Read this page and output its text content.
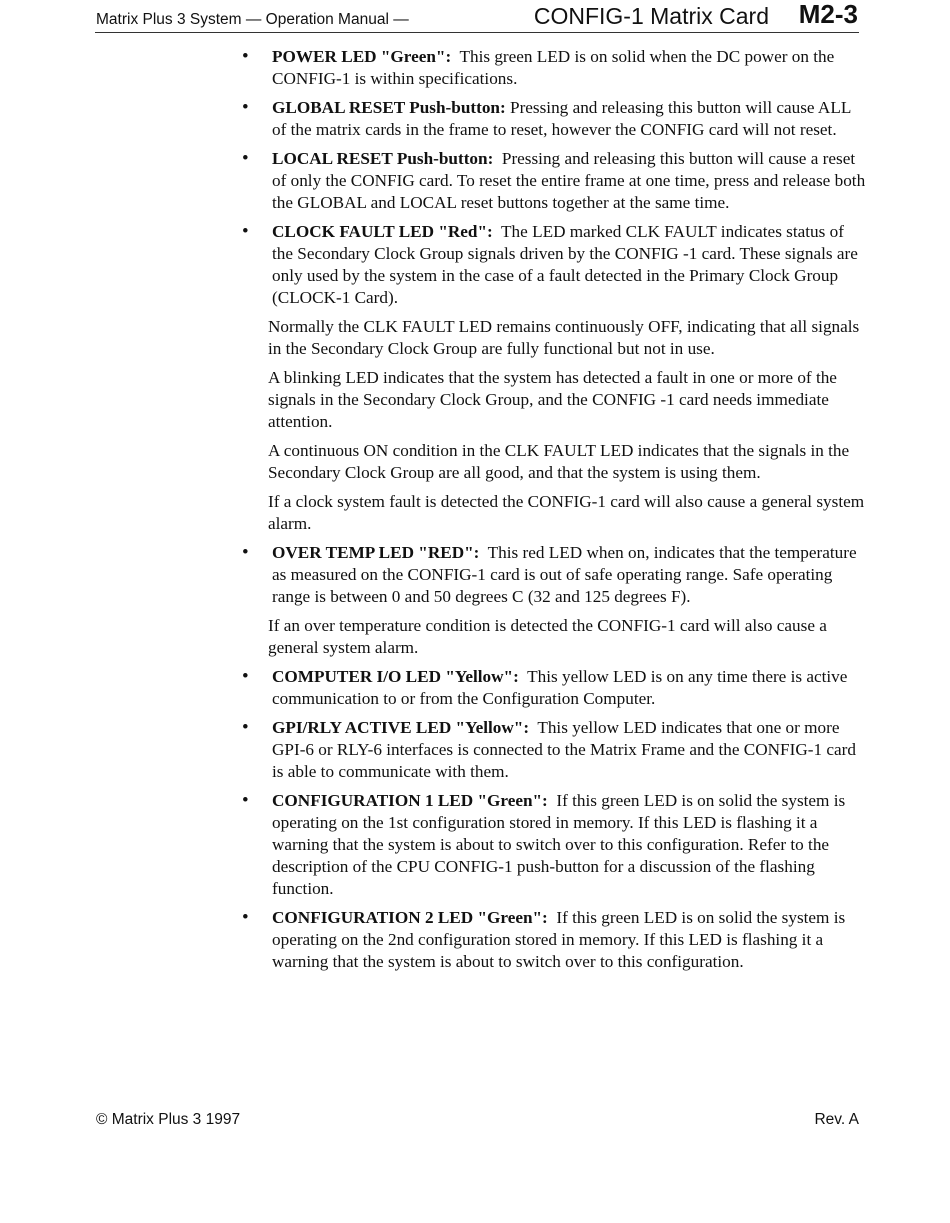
Matrix Plus 3 System — Operation Manual —	CONFIG-1 Matrix Card M2-3
• POWER LED "Green": This green LED is on solid when the DC power on the CONFIG-1 is within specifications.
• GLOBAL RESET Push-button: Pressing and releasing this button will cause ALL of the matrix cards in the frame to reset, however the CONFIG card will not reset.
• LOCAL RESET Push-button: Pressing and releasing this button will cause a reset of only the CONFIG card. To reset the entire frame at one time, press and release both the GLOBAL and LOCAL reset buttons together at the same time.
• CLOCK FAULT LED "Red": The LED marked CLK FAULT indicates status of the Secondary Clock Group signals driven by the CONFIG -1 card. These signals are only used by the system in the case of a fault detected in the Primary Clock Group (CLOCK-1 Card).

Normally the CLK FAULT LED remains continuously OFF, indicating that all signals in the Secondary Clock Group are fully functional but not in use.

A blinking LED indicates that the system has detected a fault in one or more of the signals in the Secondary Clock Group, and the CONFIG -1 card needs immediate attention.

A continuous ON condition in the CLK FAULT LED indicates that the signals in the Secondary Clock Group are all good, and that the system is using them.

If a clock system fault is detected the CONFIG-1 card will also cause a general system alarm.

• OVER TEMP LED "RED": This red LED when on, indicates that the temperature as measured on the CONFIG-1 card is out of safe operating range. Safe operating range is between 0 and 50 degrees C (32 and 125 degrees F).

If an over temperature condition is detected the CONFIG-1 card will also cause a general system alarm.

• COMPUTER I/O LED "Yellow": This yellow LED is on any time there is active communication to or from the Configuration Computer.
• GPI/RLY ACTIVE LED "Yellow": This yellow LED indicates that one or more GPI-6 or RLY-6 interfaces is connected to the Matrix Frame and the CONFIG-1 card is able to communicate with them.
• CONFIGURATION 1 LED "Green": If this green LED is on solid the system is operating on the 1st configuration stored in memory. If this LED is flashing it a warning that the system is about to switch over to this configuration. Refer to the description of the CPU CONFIG-1 push-button for a discussion of the flashing function.
• CONFIGURATION 2 LED "Green": If this green LED is on solid the system is operating on the 2nd configuration stored in memory. If this LED is flashing it a warning that the system is about to switch over to this configuration.
© Matrix Plus 3 1997	Rev. A
